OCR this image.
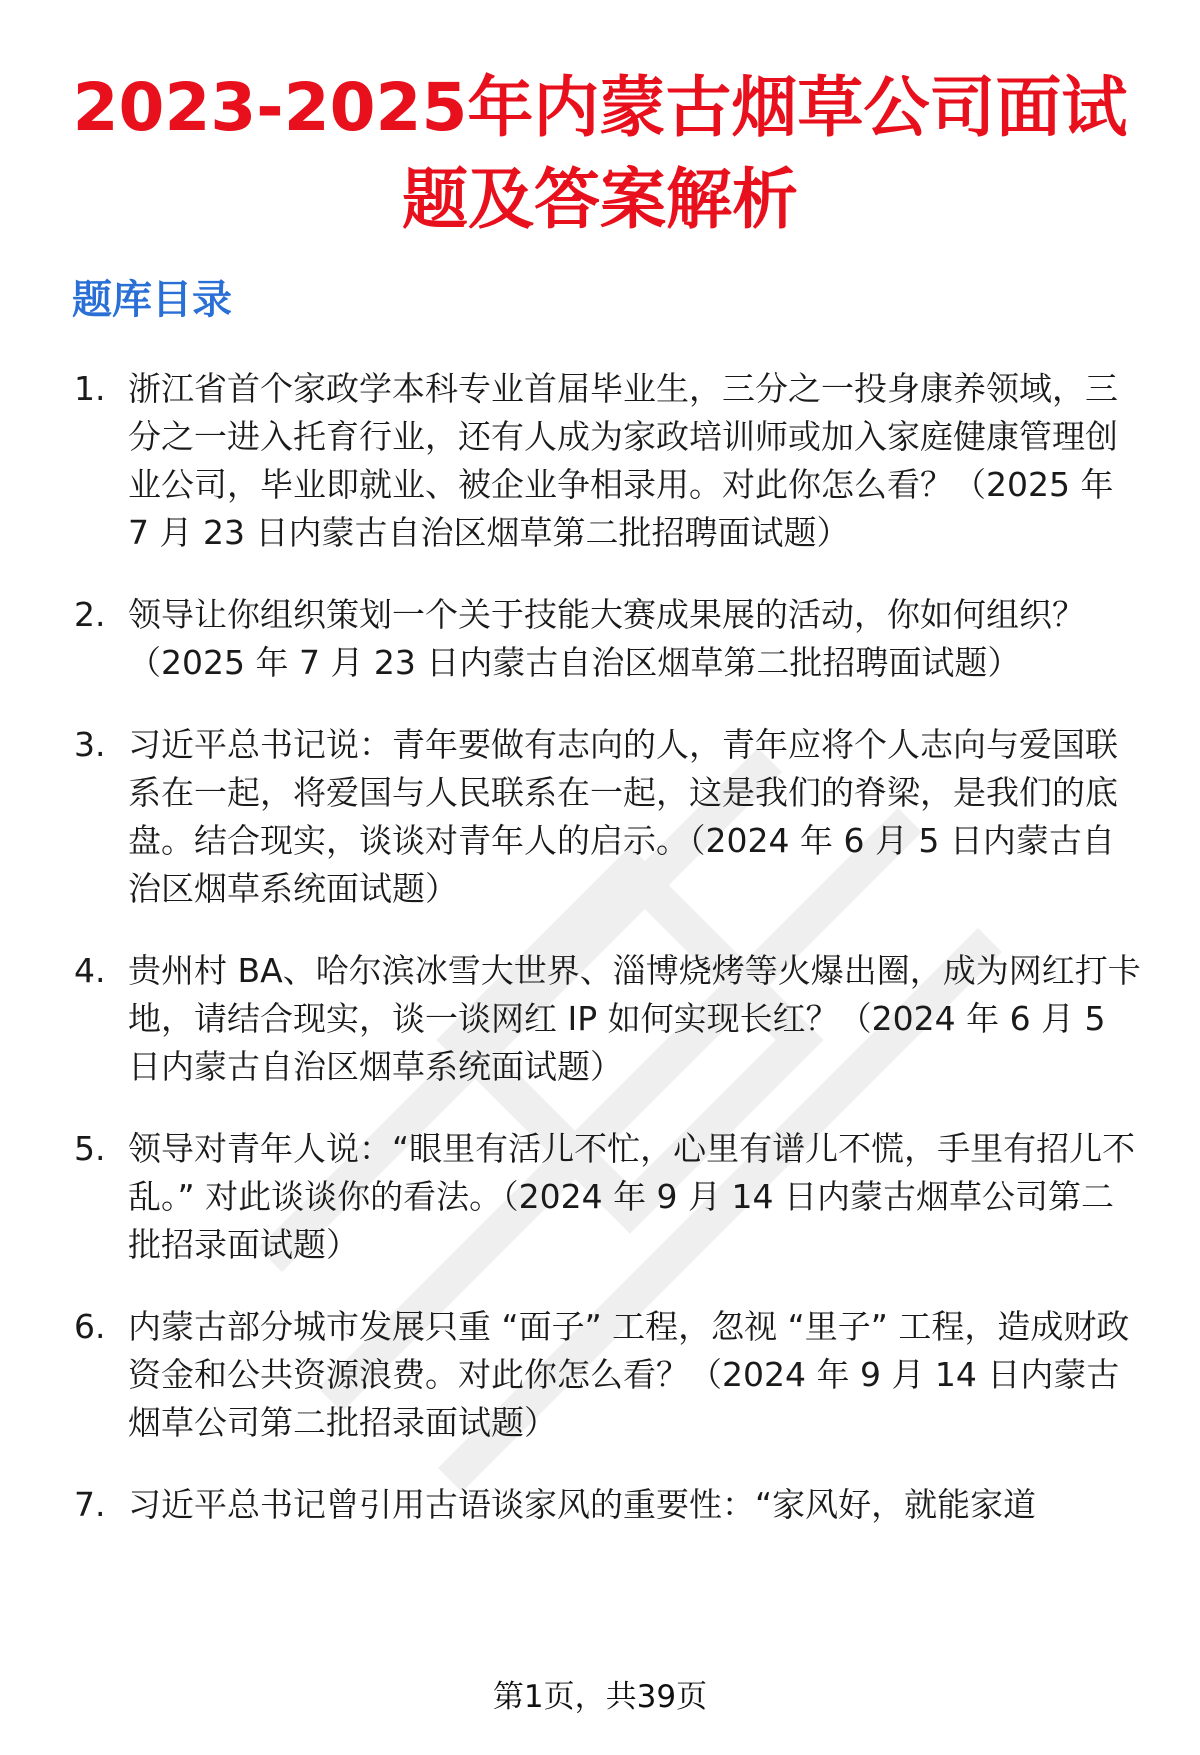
2023-2025年内蒙古烟草公司面试题及答案解析
题库目录
1. 浙江省首个家政学本科专业首届毕业生，三分之一投身康养领域，三分之一进入托育行业，还有人成为家政培训师或加入家庭健康管理创业公司，毕业即就业、被企业争相录用。对此你怎么看？（2025 年 7 月 23 日内蒙古自治区烟草第二批招聘面试题）
2. 领导让你组织策划一个关于技能大赛成果展的活动，你如何组织？（2025 年 7 月 23 日内蒙古自治区烟草第二批招聘面试题）
3. 习近平总书记说：青年要做有志向的人，青年应将个人志向与爱国联系在一起，将爱国与人民联系在一起，这是我们的脊梁，是我们的底盘。结合现实，谈谈对青年人的启示。（2024 年 6 月 5 日内蒙古自治区烟草系统面试题）
4. 贵州村 BA、哈尔滨冰雪大世界、淄博烧烤等火爆出圈，成为网红打卡地，请结合现实，谈一谈网红 IP 如何实现长红？（2024 年 6 月 5 日内蒙古自治区烟草系统面试题）
5. 领导对青年人说：“眼里有活儿不忙，心里有谱儿不慌，手里有招儿不乱。” 对此谈谈你的看法。（2024 年 9 月 14 日内蒙古烟草公司第二批招录面试题）
6. 内蒙古部分城市发展只重 “面子” 工程，忽视 “里子” 工程，造成财政资金和公共资源浪费。对此你怎么看？（2024 年 9 月 14 日内蒙古烟草公司第二批招录面试题）
7. 习近平总书记曾引用古语谈家风的重要性：“家风好，就能家道
第1页，共39页
